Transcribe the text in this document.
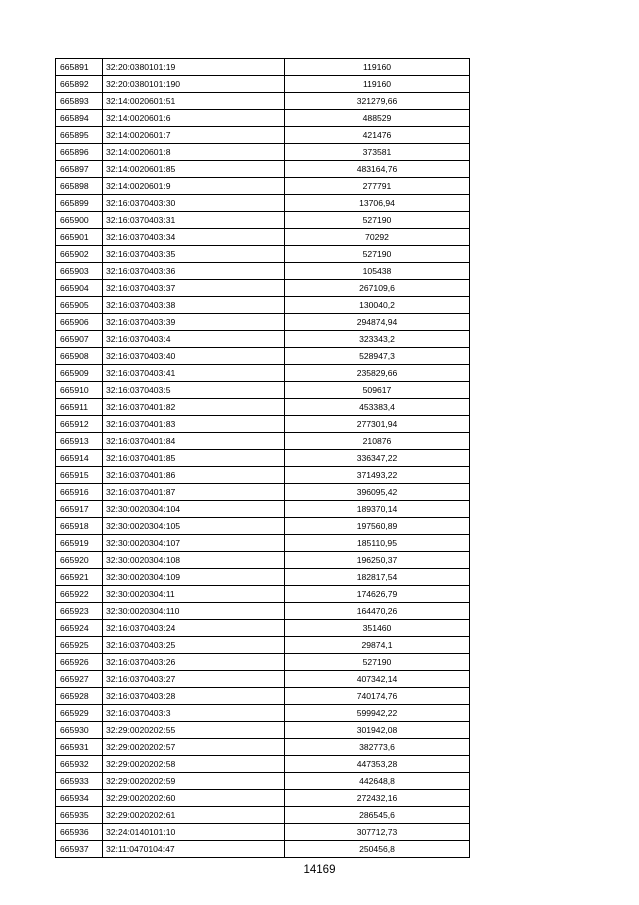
665891	32:20:0380101:19	119160
665892	32:20:0380101:190	119160
665893	32:14:0020601:51	321279,66
665894	32:14:0020601:6	488529
665895	32:14:0020601:7	421476
665896	32:14:0020601:8	373581
665897	32:14:0020601:85	483164,76
665898	32:14:0020601:9	277791
665899	32:16:0370403:30	13706,94
665900	32:16:0370403:31	527190
665901	32:16:0370403:34	70292
665902	32:16:0370403:35	527190
665903	32:16:0370403:36	105438
665904	32:16:0370403:37	267109,6
665905	32:16:0370403:38	130040,2
665906	32:16:0370403:39	294874,94
665907	32:16:0370403:4	323343,2
665908	32:16:0370403:40	528947,3
665909	32:16:0370403:41	235829,66
665910	32:16:0370403:5	509617
665911	32:16:0370401:82	453383,4
665912	32:16:0370401:83	277301,94
665913	32:16:0370401:84	210876
665914	32:16:0370401:85	336347,22
665915	32:16:0370401:86	371493,22
665916	32:16:0370401:87	396095,42
665917	32:30:0020304:104	189370,14
665918	32:30:0020304:105	197560,89
665919	32:30:0020304:107	185110,95
665920	32:30:0020304:108	196250,37
665921	32:30:0020304:109	182817,54
665922	32:30:0020304:11	174626,79
665923	32:30:0020304:110	164470,26
665924	32:16:0370403:24	351460
665925	32:16:0370403:25	29874,1
665926	32:16:0370403:26	527190
665927	32:16:0370403:27	407342,14
665928	32:16:0370403:28	740174,76
665929	32:16:0370403:3	599942,22
665930	32:29:0020202:55	301942,08
665931	32:29:0020202:57	382773,6
665932	32:29:0020202:58	447353,28
665933	32:29:0020202:59	442648,8
665934	32:29:0020202:60	272432,16
665935	32:29:0020202:61	286545,6
665936	32:24:0140101:10	307712,73
665937	32:11:0470104:47	250456,8
14169
